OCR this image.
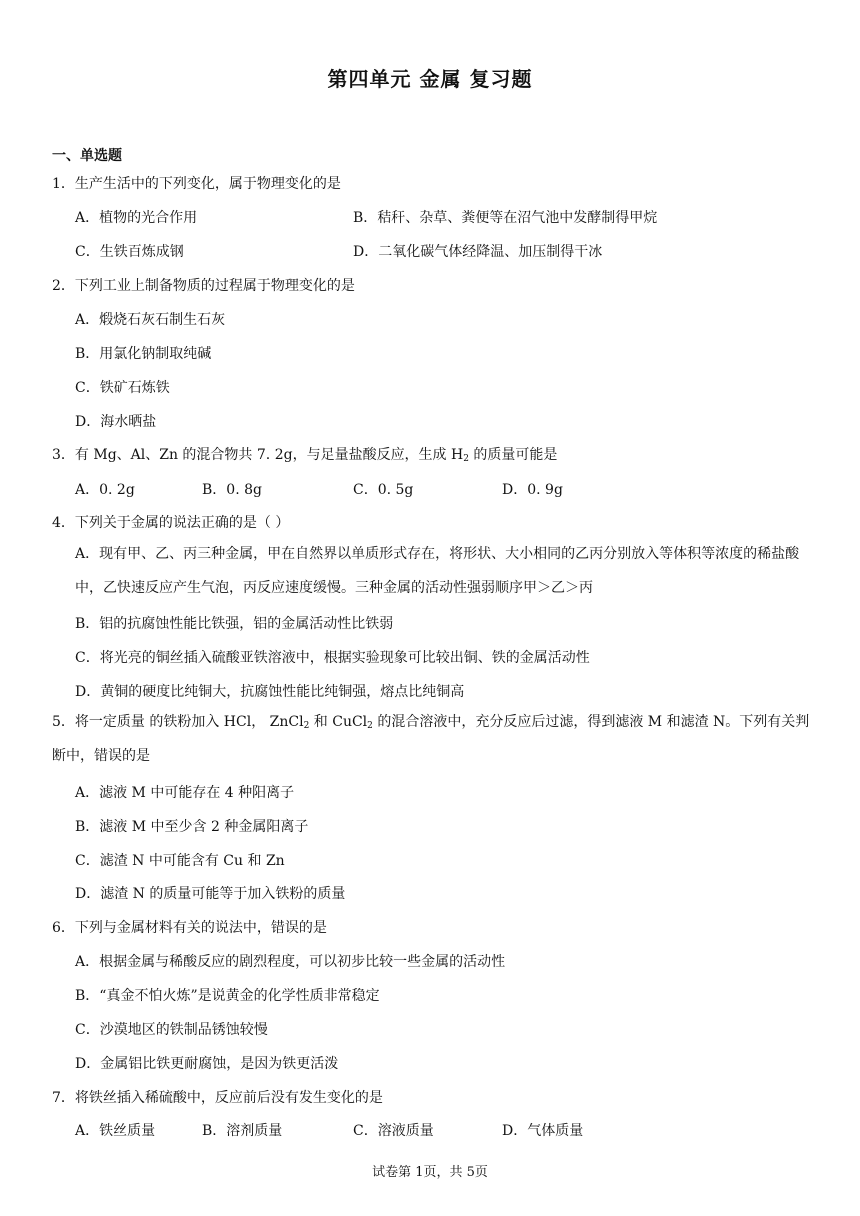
第四单元 金属 复习题
一、单选题
1．生产生活中的下列变化，属于物理变化的是
A．植物的光合作用	B．秸秆、杂草、粪便等在沼气池中发酵制得甲烷
C．生铁百炼成钢	D．二氧化碳气体经降温、加压制得干冰
2．下列工业上制备物质的过程属于物理变化的是
A．煅烧石灰石制生石灰
B．用氯化钠制取纯碱
C．铁矿石炼铁
D．海水晒盐
3．有 Mg、Al、Zn 的混合物共 7. 2g，与足量盐酸反应，生成 $H_2$ 的质量可能是
A．0. 2g	B．0. 8g	C．0. 5g	D．0. 9g
4．下列关于金属的说法正确的是（ ）
A．现有甲、乙、丙三种金属，甲在自然界以单质形式存在，将形状、大小相同的乙丙分别放入等体积等浓度的稀盐酸中，乙快速反应产生气泡，丙反应速度缓慢。三种金属的活动性强弱顺序甲＞乙＞丙
B．铝的抗腐蚀性能比铁强，铝的金属活动性比铁弱
C．将光亮的铜丝插入硫酸亚铁溶液中，根据实验现象可比较出铜、铁的金属活动性
D．黄铜的硬度比纯铜大，抗腐蚀性能比纯铜强，熔点比纯铜高
5．将一定质量 的铁粉加入 HCl， ZnCl$_2$ 和 CuCl$_2$ 的混合溶液中，充分反应后过滤，得到滤液 M 和滤渣 N。下列有关判断中，错误的是
A．滤液 M 中可能存在 4 种阳离子
B．滤液 M 中至少含 2 种金属阳离子
C．滤渣 N 中可能含有 Cu 和 Zn
D．滤渣 N 的质量可能等于加入铁粉的质量
6．下列与金属材料有关的说法中，错误的是
A．根据金属与稀酸反应的剧烈程度，可以初步比较一些金属的活动性
B．“真金不怕火炼”是说黄金的化学性质非常稳定
C．沙漠地区的铁制品锈蚀较慢
D．金属铝比铁更耐腐蚀，是因为铁更活泼
7．将铁丝插入稀硫酸中，反应前后没有发生变化的是
A．铁丝质量	B．溶剂质量	C．溶液质量	D．气体质量
试卷第 1页，共 5页
